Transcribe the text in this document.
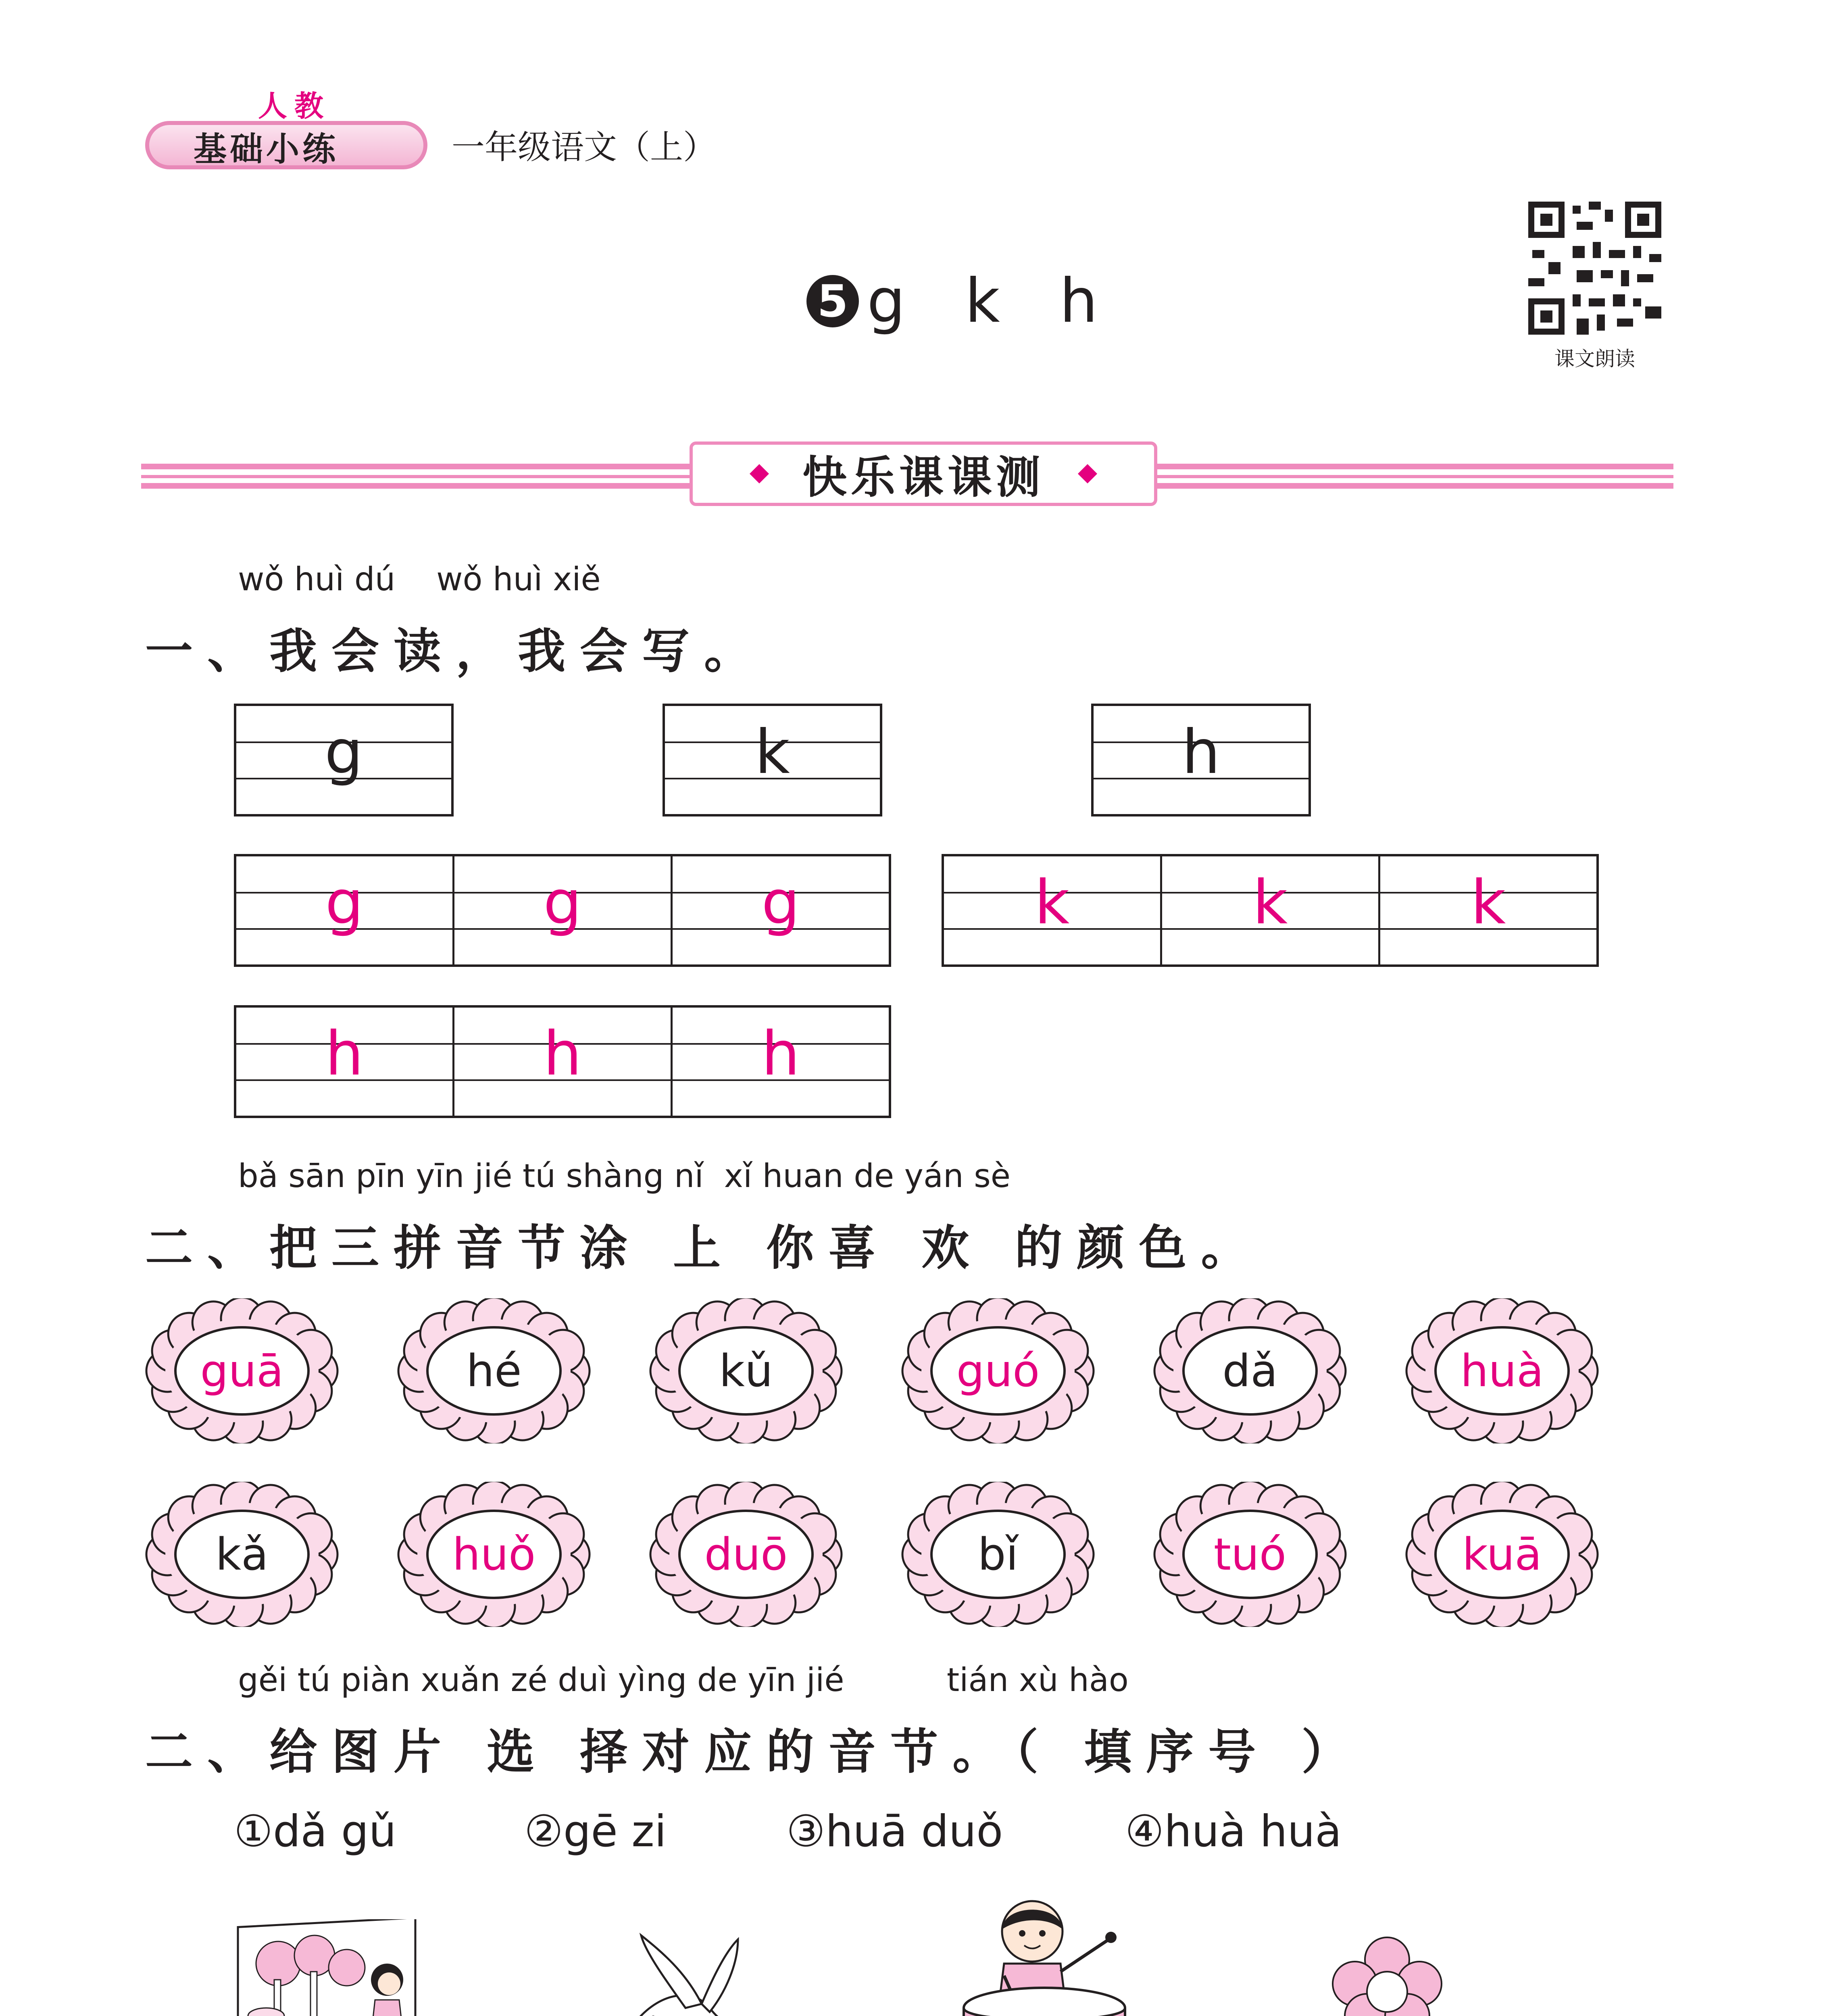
人教
基础小练	一年级语文（上）
5 g k h
课文朗读
快乐课课测
wǒ huì dú    wǒ huì xiě
一、我会读，我会写。
g	k	h
g	g	g	k	k	k
h	h	h
bǎ sān pīn yīn jié tú shàng nǐ  xǐ huan de yán sè
二、把三拼音节涂 上 你喜 欢 的颜色。
guā	hé	kǔ	guó	dǎ	huà
kǎ	huǒ	duō	bǐ	tuó	kuā
gěi tú piàn xuǎn zé duì yìng de yīn jié          tián xù hào
二、给图片 选 择对应的音节。（ 填序号 ）
①dǎ gǔ	②gē zi	③huā duǒ	④huà huà
